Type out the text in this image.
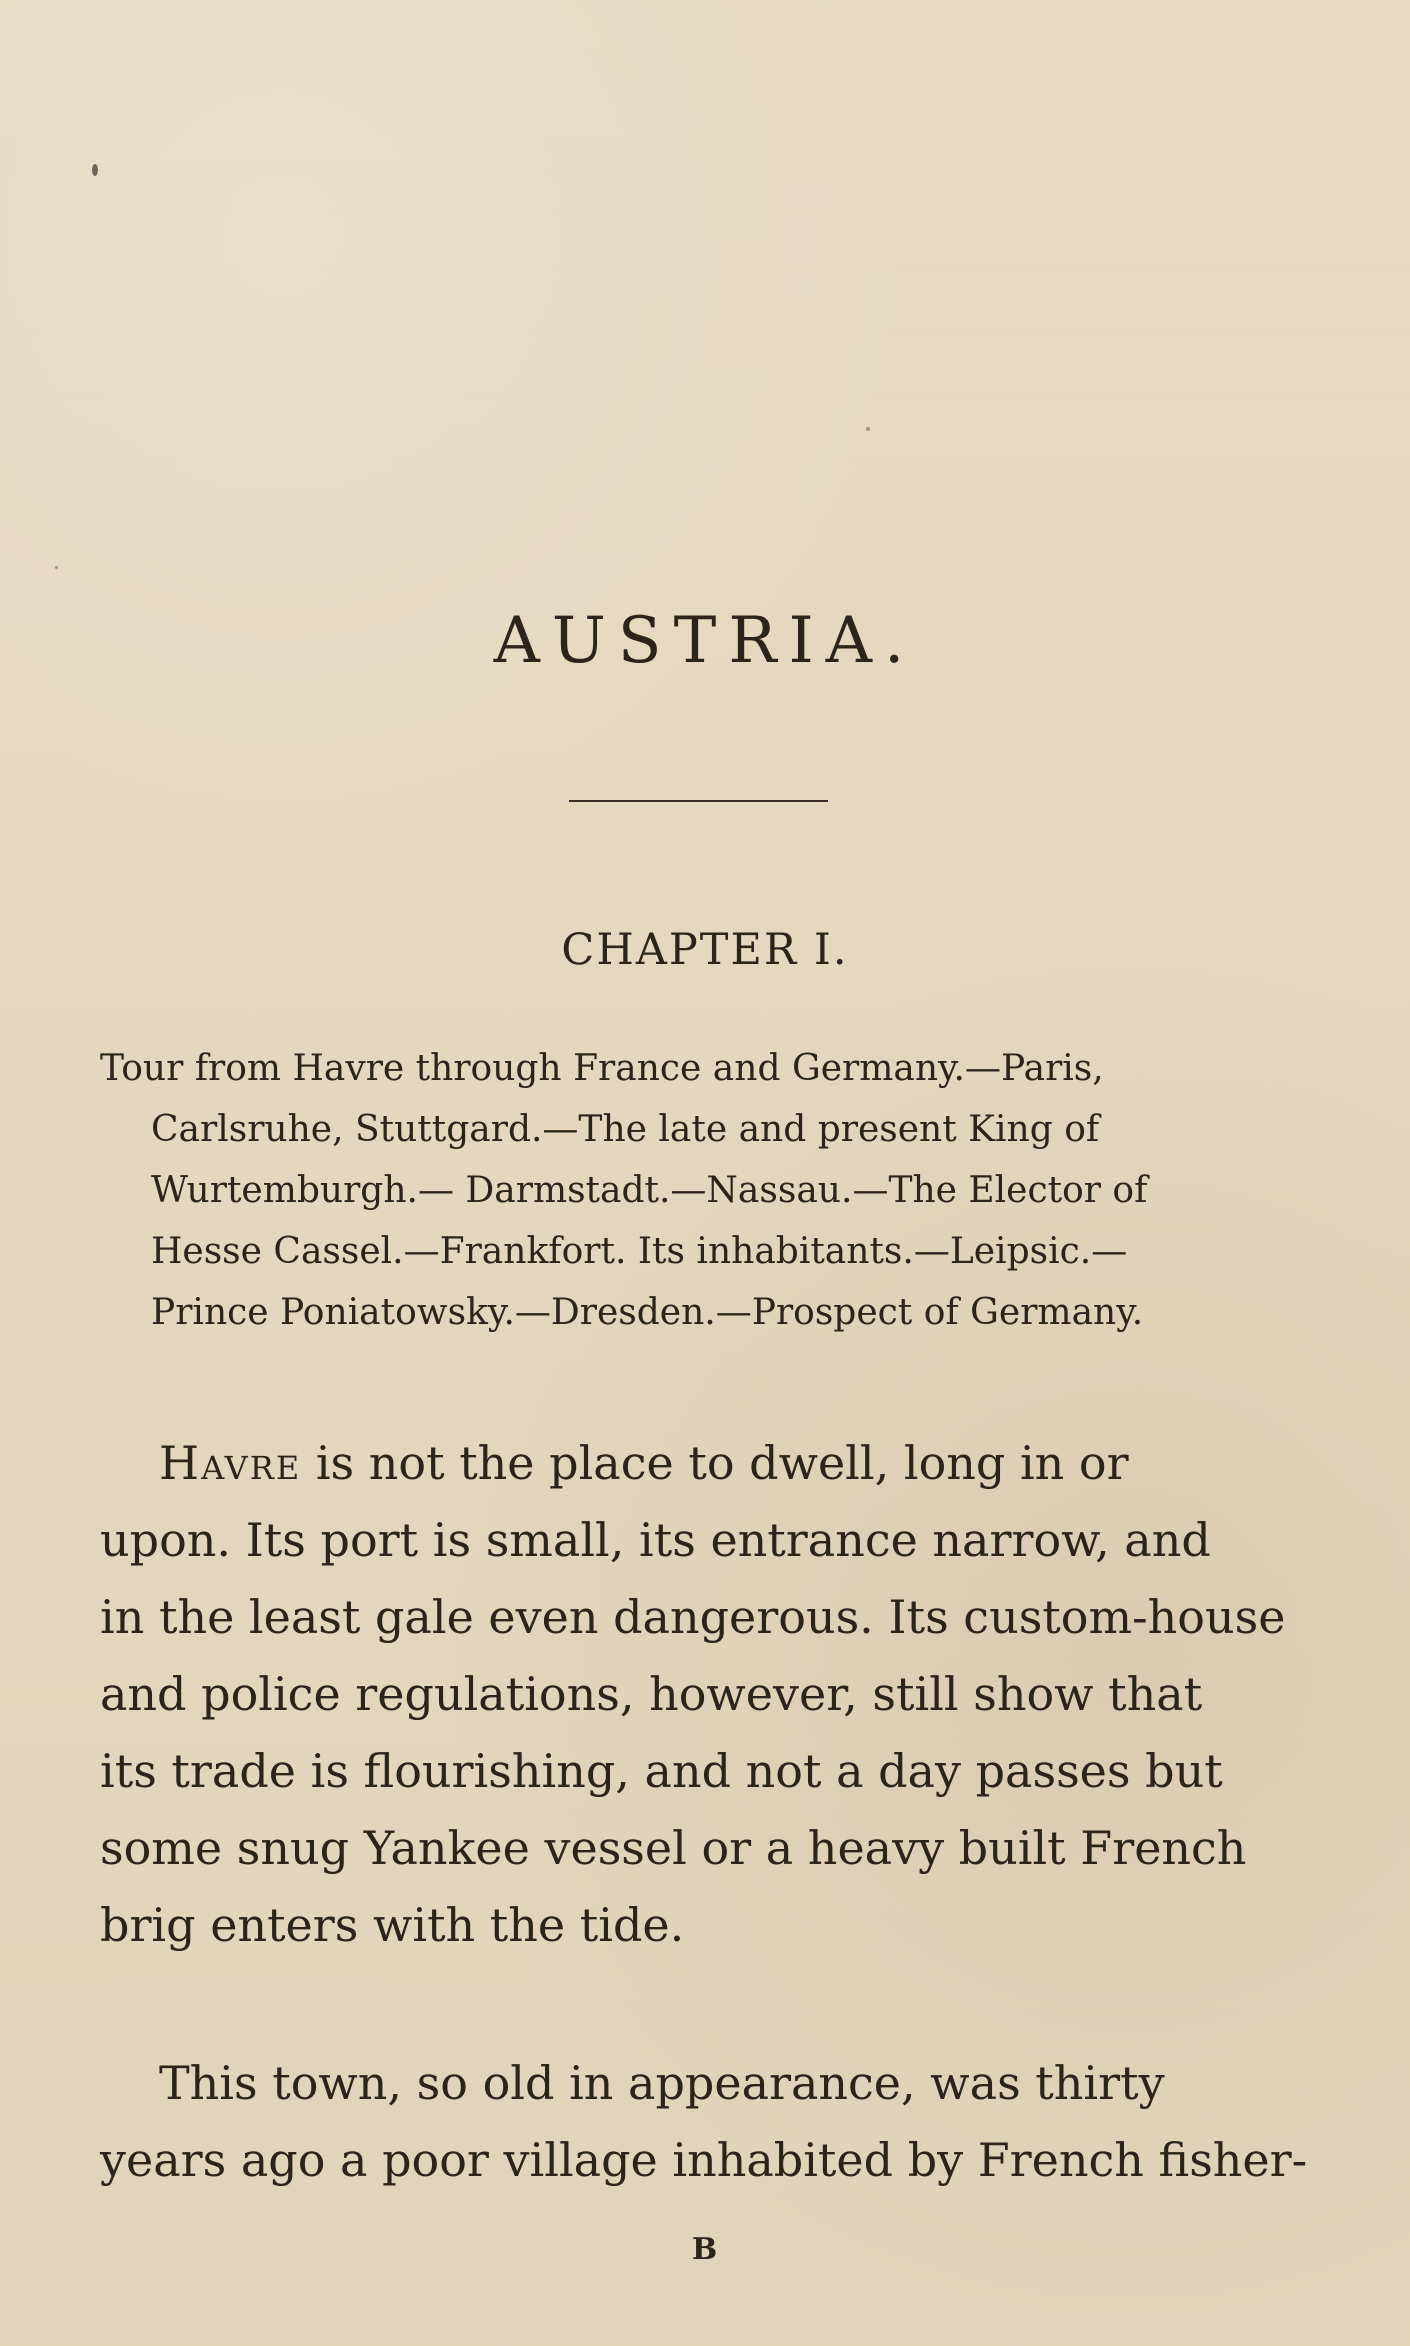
AUSTRIA.
CHAPTER I.
Tour from Havre through France and Germany.—Paris,
Carlsruhe, Stuttgard.—The late and present King of
Wurtemburgh.— Darmstadt.—Nassau.—The Elector of
Hesse Cassel.—Frankfort. Its inhabitants.—Leipsic.—
Prince Poniatowsky.—Dresden.—Prospect of Germany.
Havre is not the place to dwell, long in or
upon. Its port is small, its entrance narrow, and
in the least gale even dangerous. Its custom-house
and police regulations, however, still show that
its trade is flourishing, and not a day passes but
some snug Yankee vessel or a heavy built French
brig enters with the tide.
This town, so old in appearance, was thirty
years ago a poor village inhabited by French fisher-
B
